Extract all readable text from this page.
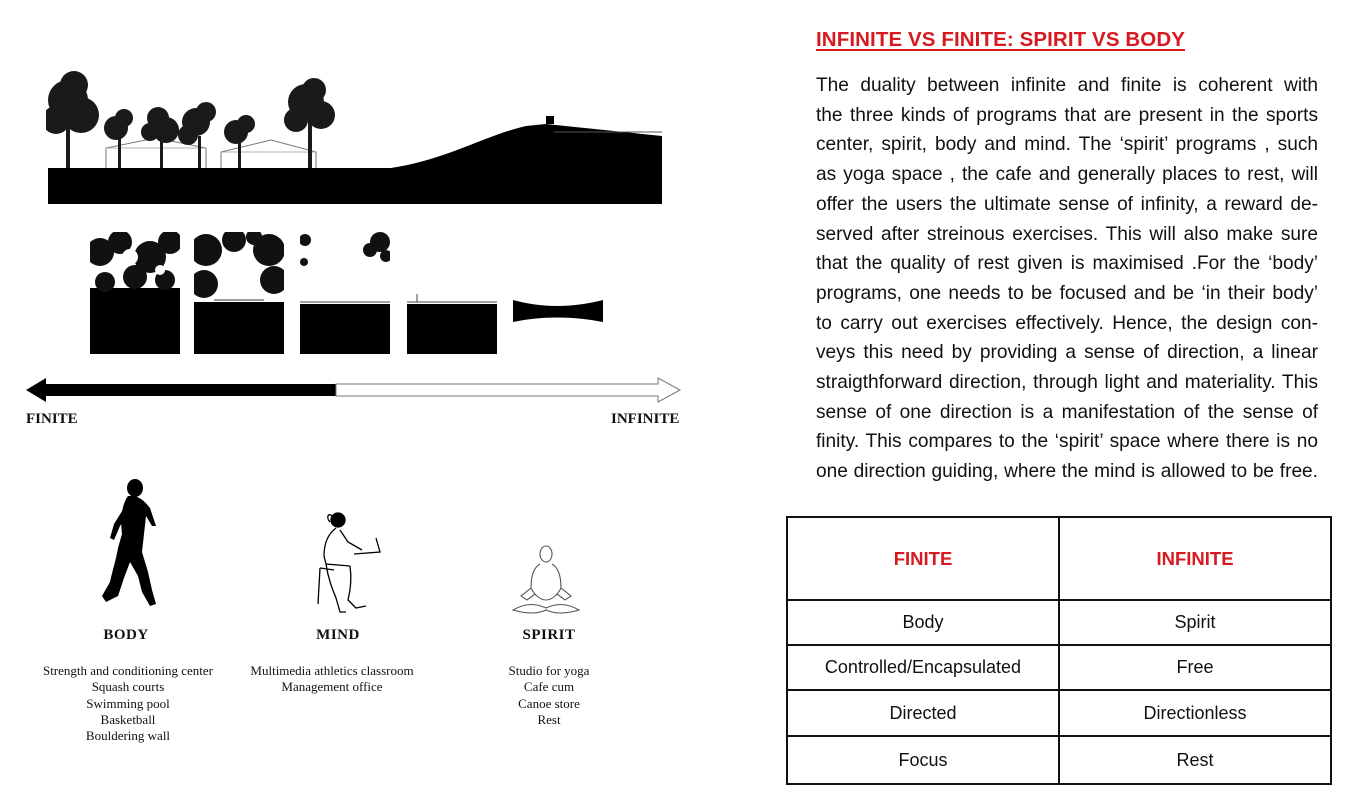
FINITE	INFINITE
BODY	MIND	SPIRIT
Strength and conditioning center
Squash courts
Swimming pool
Basketball
Bouldering wall
Multimedia athletics classroom
Management office
Studio for yoga
Cafe cum
Canoe store
Rest
INFINITE VS FINITE: SPIRIT VS BODY
The duality between infinite and finite is coherent with
the three kinds of programs that are present in the sports
center, spirit, body and mind. The ‘spirit’ programs , such
as yoga space , the cafe and generally places to rest, will
offer the users the ultimate sense of infinity, a reward de-
served after streinous exercises. This will also make sure
that the quality of rest given is maximised .For the ‘body’
programs, one needs to be focused and be ‘in their body’
to carry out exercises effectively. Hence, the design con-
veys this need by providing a sense of direction, a linear
straigthforward direction, through light and materiality. This
sense of one direction is a manifestation of the sense of
finity. This compares to the ‘spirit’ space where there is no
one direction guiding, where the mind is allowed to be free.
FINITE	INFINITE
Body	Spirit
Controlled/Encapsulated	Free
Directed	Directionless
Focus	Rest
